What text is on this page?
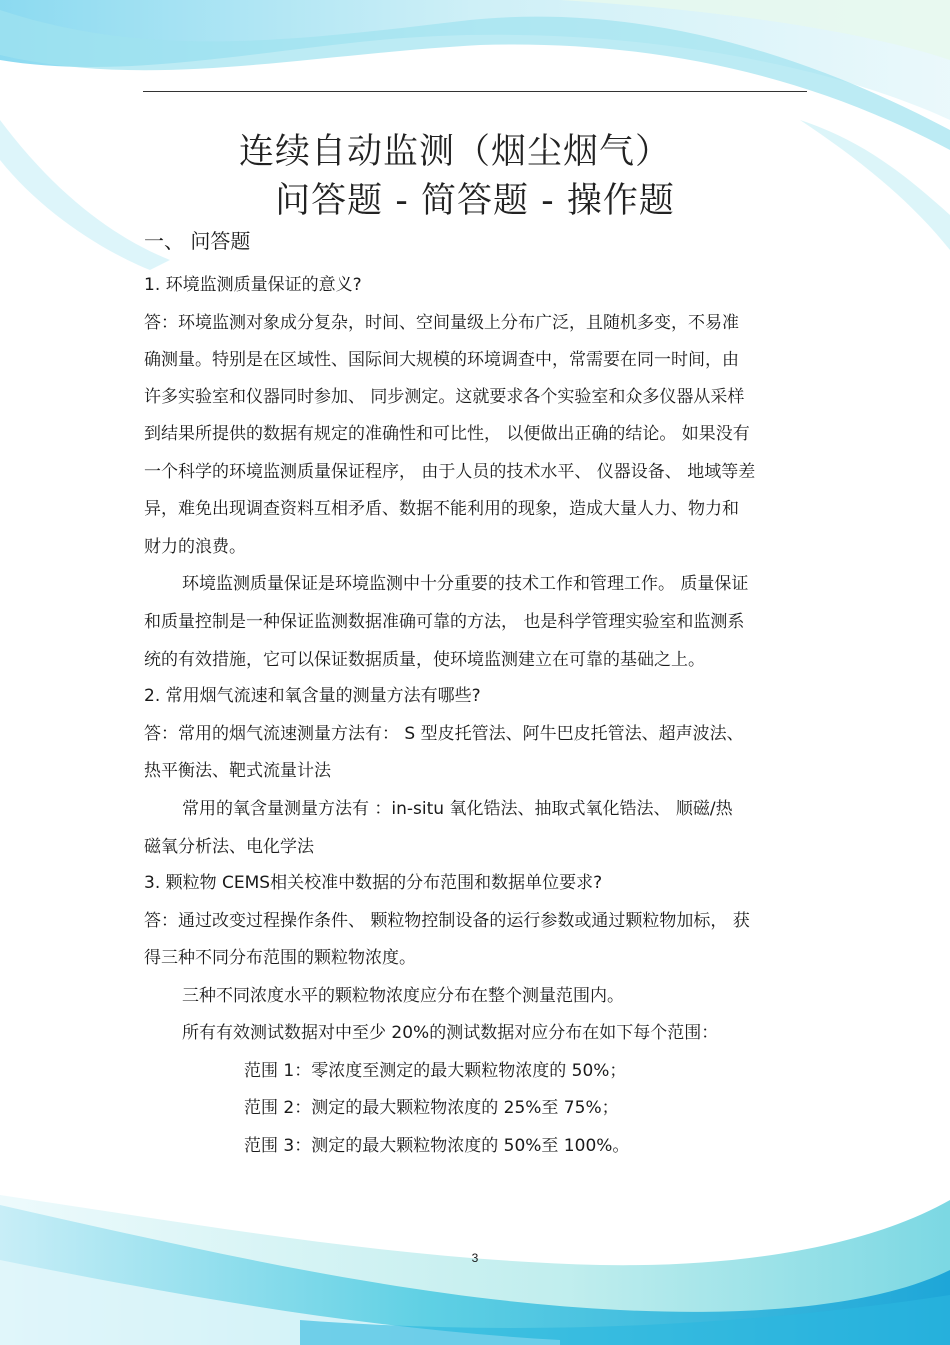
连续自动监测（烟尘烟气）
问答题 - 简答题 - 操作题
一、 问答题
1. 环境监测质量保证的意义?
答：环境监测对象成分复杂，时间、空间量级上分布广泛，且随机多变，不易准
确测量。特别是在区域性、国际间大规模的环境调查中，常需要在同一时间，由
许多实验室和仪器同时参加、 同步测定。这就要求各个实验室和众多仪器从采样
到结果所提供的数据有规定的准确性和可比性， 以便做出正确的结论。 如果没有
一个科学的环境监测质量保证程序， 由于人员的技术水平、 仪器设备、 地域等差
异，难免出现调查资料互相矛盾、数据不能利用的现象，造成大量人力、物力和
财力的浪费。
环境监测质量保证是环境监测中十分重要的技术工作和管理工作。 质量保证
和质量控制是一种保证监测数据准确可靠的方法， 也是科学管理实验室和监测系
统的有效措施，它可以保证数据质量，使环境监测建立在可靠的基础之上。
2. 常用烟气流速和氧含量的测量方法有哪些?
答：常用的烟气流速测量方法有： S 型皮托管法、阿牛巴皮托管法、超声波法、
热平衡法、靶式流量计法
常用的氧含量测量方法有 ：in-situ 氧化锆法、抽取式氧化锆法、 顺磁/热
磁氧分析法、电化学法
3. 颗粒物 CEMS相关校准中数据的分布范围和数据单位要求?
答：通过改变过程操作条件、 颗粒物控制设备的运行参数或通过颗粒物加标， 获
得三种不同分布范围的颗粒物浓度。
三种不同浓度水平的颗粒物浓度应分布在整个测量范围内。
所有有效测试数据对中至少 20%的测试数据对应分布在如下每个范围：
范围 1：零浓度至测定的最大颗粒物浓度的 50%；
范围 2：测定的最大颗粒物浓度的 25%至 75%；
范围 3：测定的最大颗粒物浓度的 50%至 100%。
3
